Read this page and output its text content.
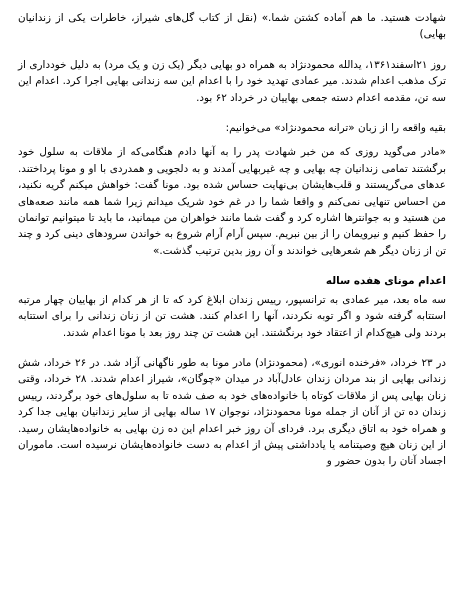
شهادت هستید. ما هم آماده کشتن شما.» (نقل از کتاب گل‌های شیراز، خاطرات یکی از زندانیان بهایی)

روز ۲۱اسفند۱۳۶۱، یدالله محمودنژاد به همراه دو بهایی دیگر (یک زن و یک مرد) به دلیل خودداری از ترک مذهب اعدام شدند. میر عمادی تهدید خود را با اعدام این سه زندانی بهایی اجرا کرد. اعدام این سه تن، مقدمه اعدام دسته جمعی بهاییان در خرداد ۶۲ بود.

بقیه واقعه را از زبان «ترانه محمودنژاد» می‌خوانیم:

«مادر می‌گوید روزی که من خبر شهادت پدر را به آنها دادم هنگامی‌که از ملاقات به سلول خود برگشتند تمامی زندانیان چه بهایی و چه غیربهایی آمدند و به دلجویی و همدردی با او و مونا پرداختند. عدهای می‌گریستند و قلب‌هایشان بی‌نهایت حساس شده بود. مونا گفت: خواهش میکنم گریه نکنید، من احساس تنهایی نمی‌کنم و واقعا شما را در غم خود شریک میدانم زیرا شما همه مانند صعه‌های من هستید و به جوانترها اشاره کرد و گفت شما مانند خواهران من میمانید، ما باید تا میتوانیم توانمان را حفظ کنیم و نیرویمان را از بین نبریم. سپس آرام آرام شروع به خواندن سرودهای دینی کرد و چند تن از زنان دیگر هم شعرهایی خواندند و آن روز بدین ترتیب گذشت.»

اعدام مونای هفده ساله

سه ماه بعد، میر عمادی به ترانسپور، رییس زندان ابلاغ کرد که تا از هر کدام از بهاییان چهار مرتبه استتابه گرفته شود و اگر توبه نکردند، آنها را اعدام کنند. هشت تن از زنان زندانی را برای استتابه بردند ولی هیچ‌کدام از اعتقاد خود برنگشتند. این هشت تن چند روز بعد با مونا اعدام شدند.

در ۲۳ خرداد، «فرخنده انوری»، (محمودنژاد) مادر مونا به طور ناگهانی آزاد شد. در ۲۶ خرداد، شش زندانی بهایی از بند مردان زندان عادل‌آباد در میدان «چوگان»، شیراز اعدام شدند. ۲۸ خرداد، وقتی زنان بهایی پس از ملاقات کوتاه با خانواده‌های خود به صف شده تا به سلول‌های خود برگردند، رییس زندان ده تن از آنان از جمله مونا محمودنژاد، نوجوان ۱۷ ساله بهایی از سایر زندانیان بهایی جدا کرد و همراه خود به اتاق دیگری برد. فردای آن روز خبر اعدام این ده زن بهایی به خانواده‌هایشان رسید. از این زنان هیچ وصیتنامه یا یادداشتی پیش از اعدام به دست خانواده‌هایشان نرسیده است. ماموران اجساد آنان را بدون حضور و
